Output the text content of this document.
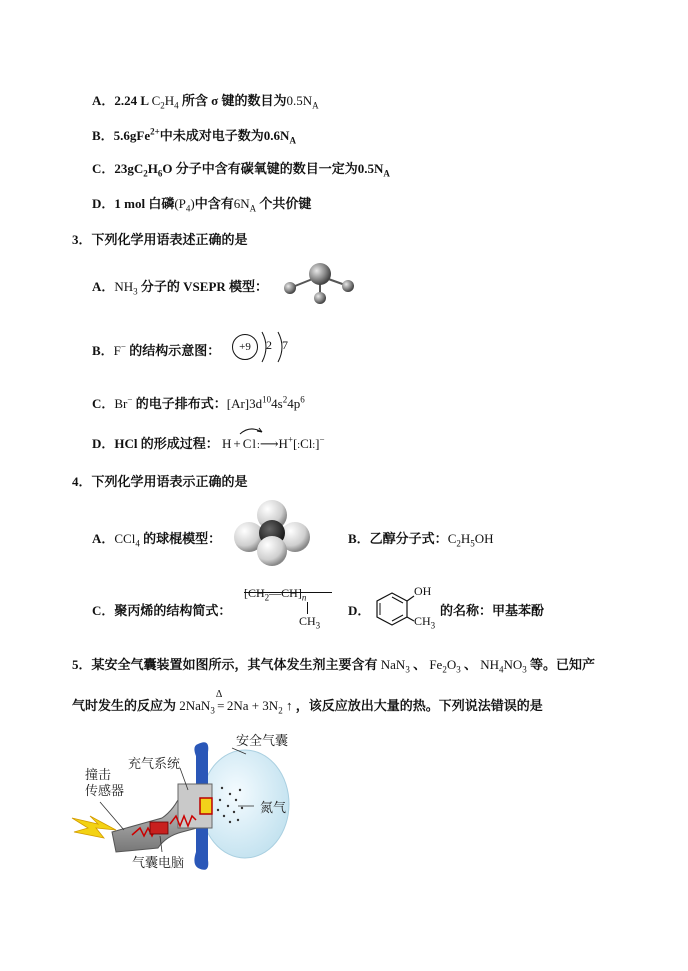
A．2.24 L $C_2H_4$ 所含 σ 键的数目为$0.5N_A$
B．5.6gFe$^{2+}$中未成对电子数为$0.6N_A$
C．$23gC_2H_6O$ 分子中含有碳氧键的数目一定为$0.5N_A$
D．1 mol 白磷$(P_4)$中含有$6N_A$ 个共价键
3．下列化学用语表述正确的是
A．$NH_3$ 分子的 VSEPR 模型：
B．F− 的结构示意图：	+9	2 7
C．Br− 的电子排布式：$[Ar]3d^{10}4s^24p^6$
D．HCl 的形成过程： H + Cl:⟶H+[:Cl:]−
4．下列化学用语表示正确的是
A．CCl$_4$ 的球棍模型：	B．乙醇分子式：$C_2H_5OH$
C．聚丙烯的结构简式：
$[CH_2—CH]_n$
$CH_3$
D．
OH
$CH_3$
的名称：甲基苯酚
5．某安全气囊装置如图所示，其气体发生剂主要含有 NaN$_3$ 、 $Fe_2O_3$ 、 $NH_4NO_3$ 等。已知产
气时发生的反应为 2NaN$_3$
Δ
= $2Na + 3N_2$ ↑ ，该反应放出大量的热。下列说法错误的是
安全气囊
充气系统
撞击
传感器
氮气
气囊电脑
